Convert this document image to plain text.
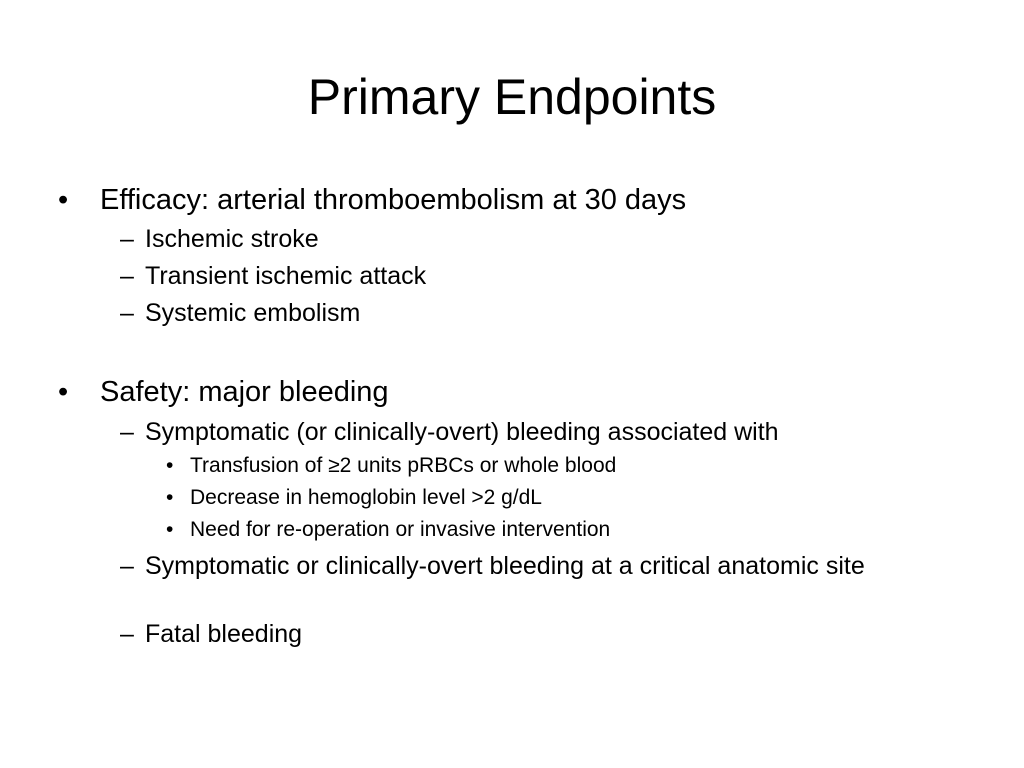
Primary Endpoints
• Efficacy: arterial thromboembolism at 30 days
– Ischemic stroke
– Transient ischemic attack
– Systemic embolism
• Safety: major bleeding
– Symptomatic (or clinically-overt) bleeding associated with
• Transfusion of ≥2 units pRBCs or whole blood
• Decrease in hemoglobin level >2 g/dL
• Need for re-operation or invasive intervention
– Symptomatic or clinically-overt bleeding at a critical anatomic site
– Fatal bleeding
